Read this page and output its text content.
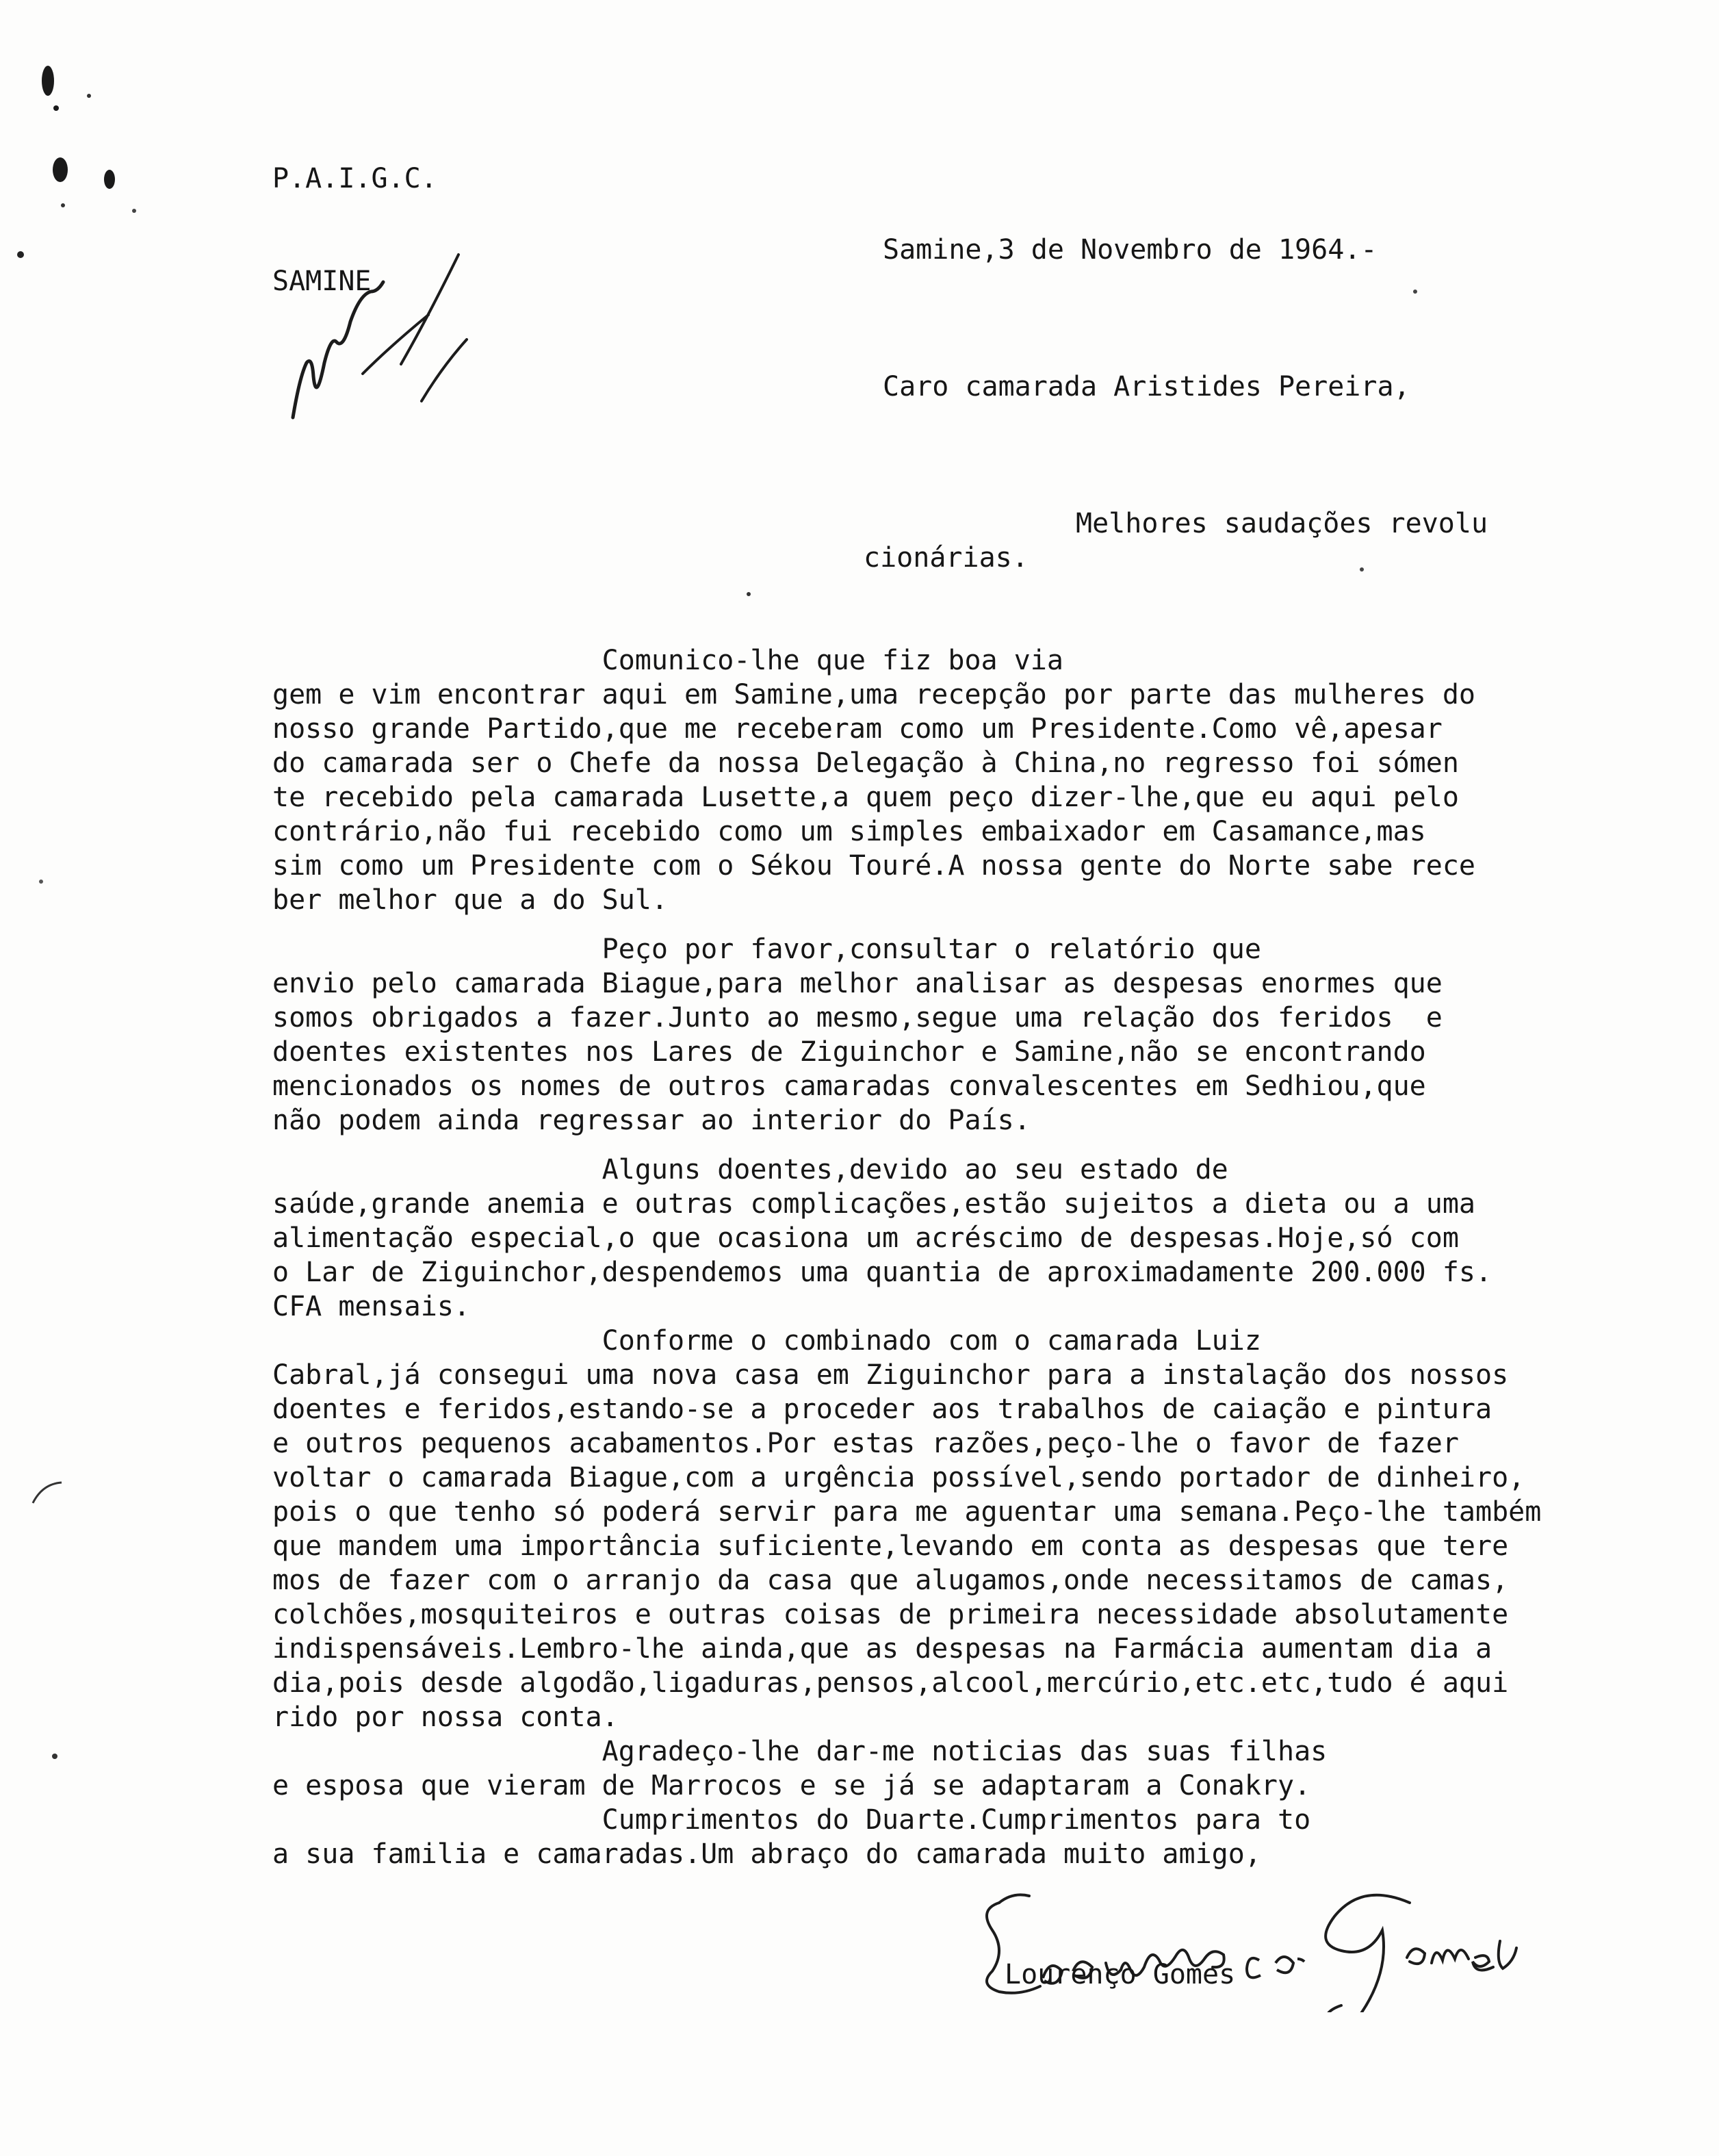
P.A.I.G.C.

SAMINE

Samine,3 de Novembro de 1964.-

Caro camarada Aristides Pereira,

Melhores saudações revolu

cionárias.

Comunico-lhe que fiz boa via
gem e vim encontrar aqui em Samine,uma recepção por parte das mulheres do
nosso grande Partido,que me receberam como um Presidente.Como vê,apesar
do camarada ser o Chefe da nossa Delegação à China,no regresso foi sómen
te recebido pela camarada Lusette,a quem peço dizer-lhe,que eu aqui pelo
contrário,não fui recebido como um simples embaixador em Casamance,mas
sim como um Presidente com o Sékou Touré.A nossa gente do Norte sabe rece
ber melhor que a do Sul.

Peço por favor,consultar o relatório que
envio pelo camarada Biague,para melhor analisar as despesas enormes que
somos obrigados a fazer.Junto ao mesmo,segue uma relação dos feridos  e
doentes existentes nos Lares de Ziguinchor e Samine,não se encontrando
mencionados os nomes de outros camaradas convalescentes em Sedhiou,que
não podem ainda regressar ao interior do País.

Alguns doentes,devido ao seu estado de
saúde,grande anemia e outras complicações,estão sujeitos a dieta ou a uma
alimentação especial,o que ocasiona um acréscimo de despesas.Hoje,só com
o Lar de Ziguinchor,despendemos uma quantia de aproximadamente 200.000 fs.
CFA mensais.

Conforme o combinado com o camarada Luiz
Cabral,já consegui uma nova casa em Ziguinchor para a instalação dos nossos
doentes e feridos,estando-se a proceder aos trabalhos de caiação e pintura
e outros pequenos acabamentos.Por estas razões,peço-lhe o favor de fazer
voltar o camarada Biague,com a urgência possível,sendo portador de dinheiro,
pois o que tenho só poderá servir para me aguentar uma semana.Peço-lhe também
que mandem uma importância suficiente,levando em conta as despesas que tere
mos de fazer com o arranjo da casa que alugamos,onde necessitamos de camas,
colchões,mosquiteiros e outras coisas de primeira necessidade absolutamente
indispensáveis.Lembro-lhe ainda,que as despesas na Farmácia aumentam dia a
dia,pois desde algodão,ligaduras,pensos,alcool,mercúrio,etc.etc,tudo é aqui
rido por nossa conta.

Agradeço-lhe dar-me noticias das suas filhas
e esposa que vieram de Marrocos e se já se adaptaram a Conakry.

Cumprimentos do Duarte.Cumprimentos para to
a sua familia e camaradas.Um abraço do camarada muito amigo,

Lourenço Gomes
